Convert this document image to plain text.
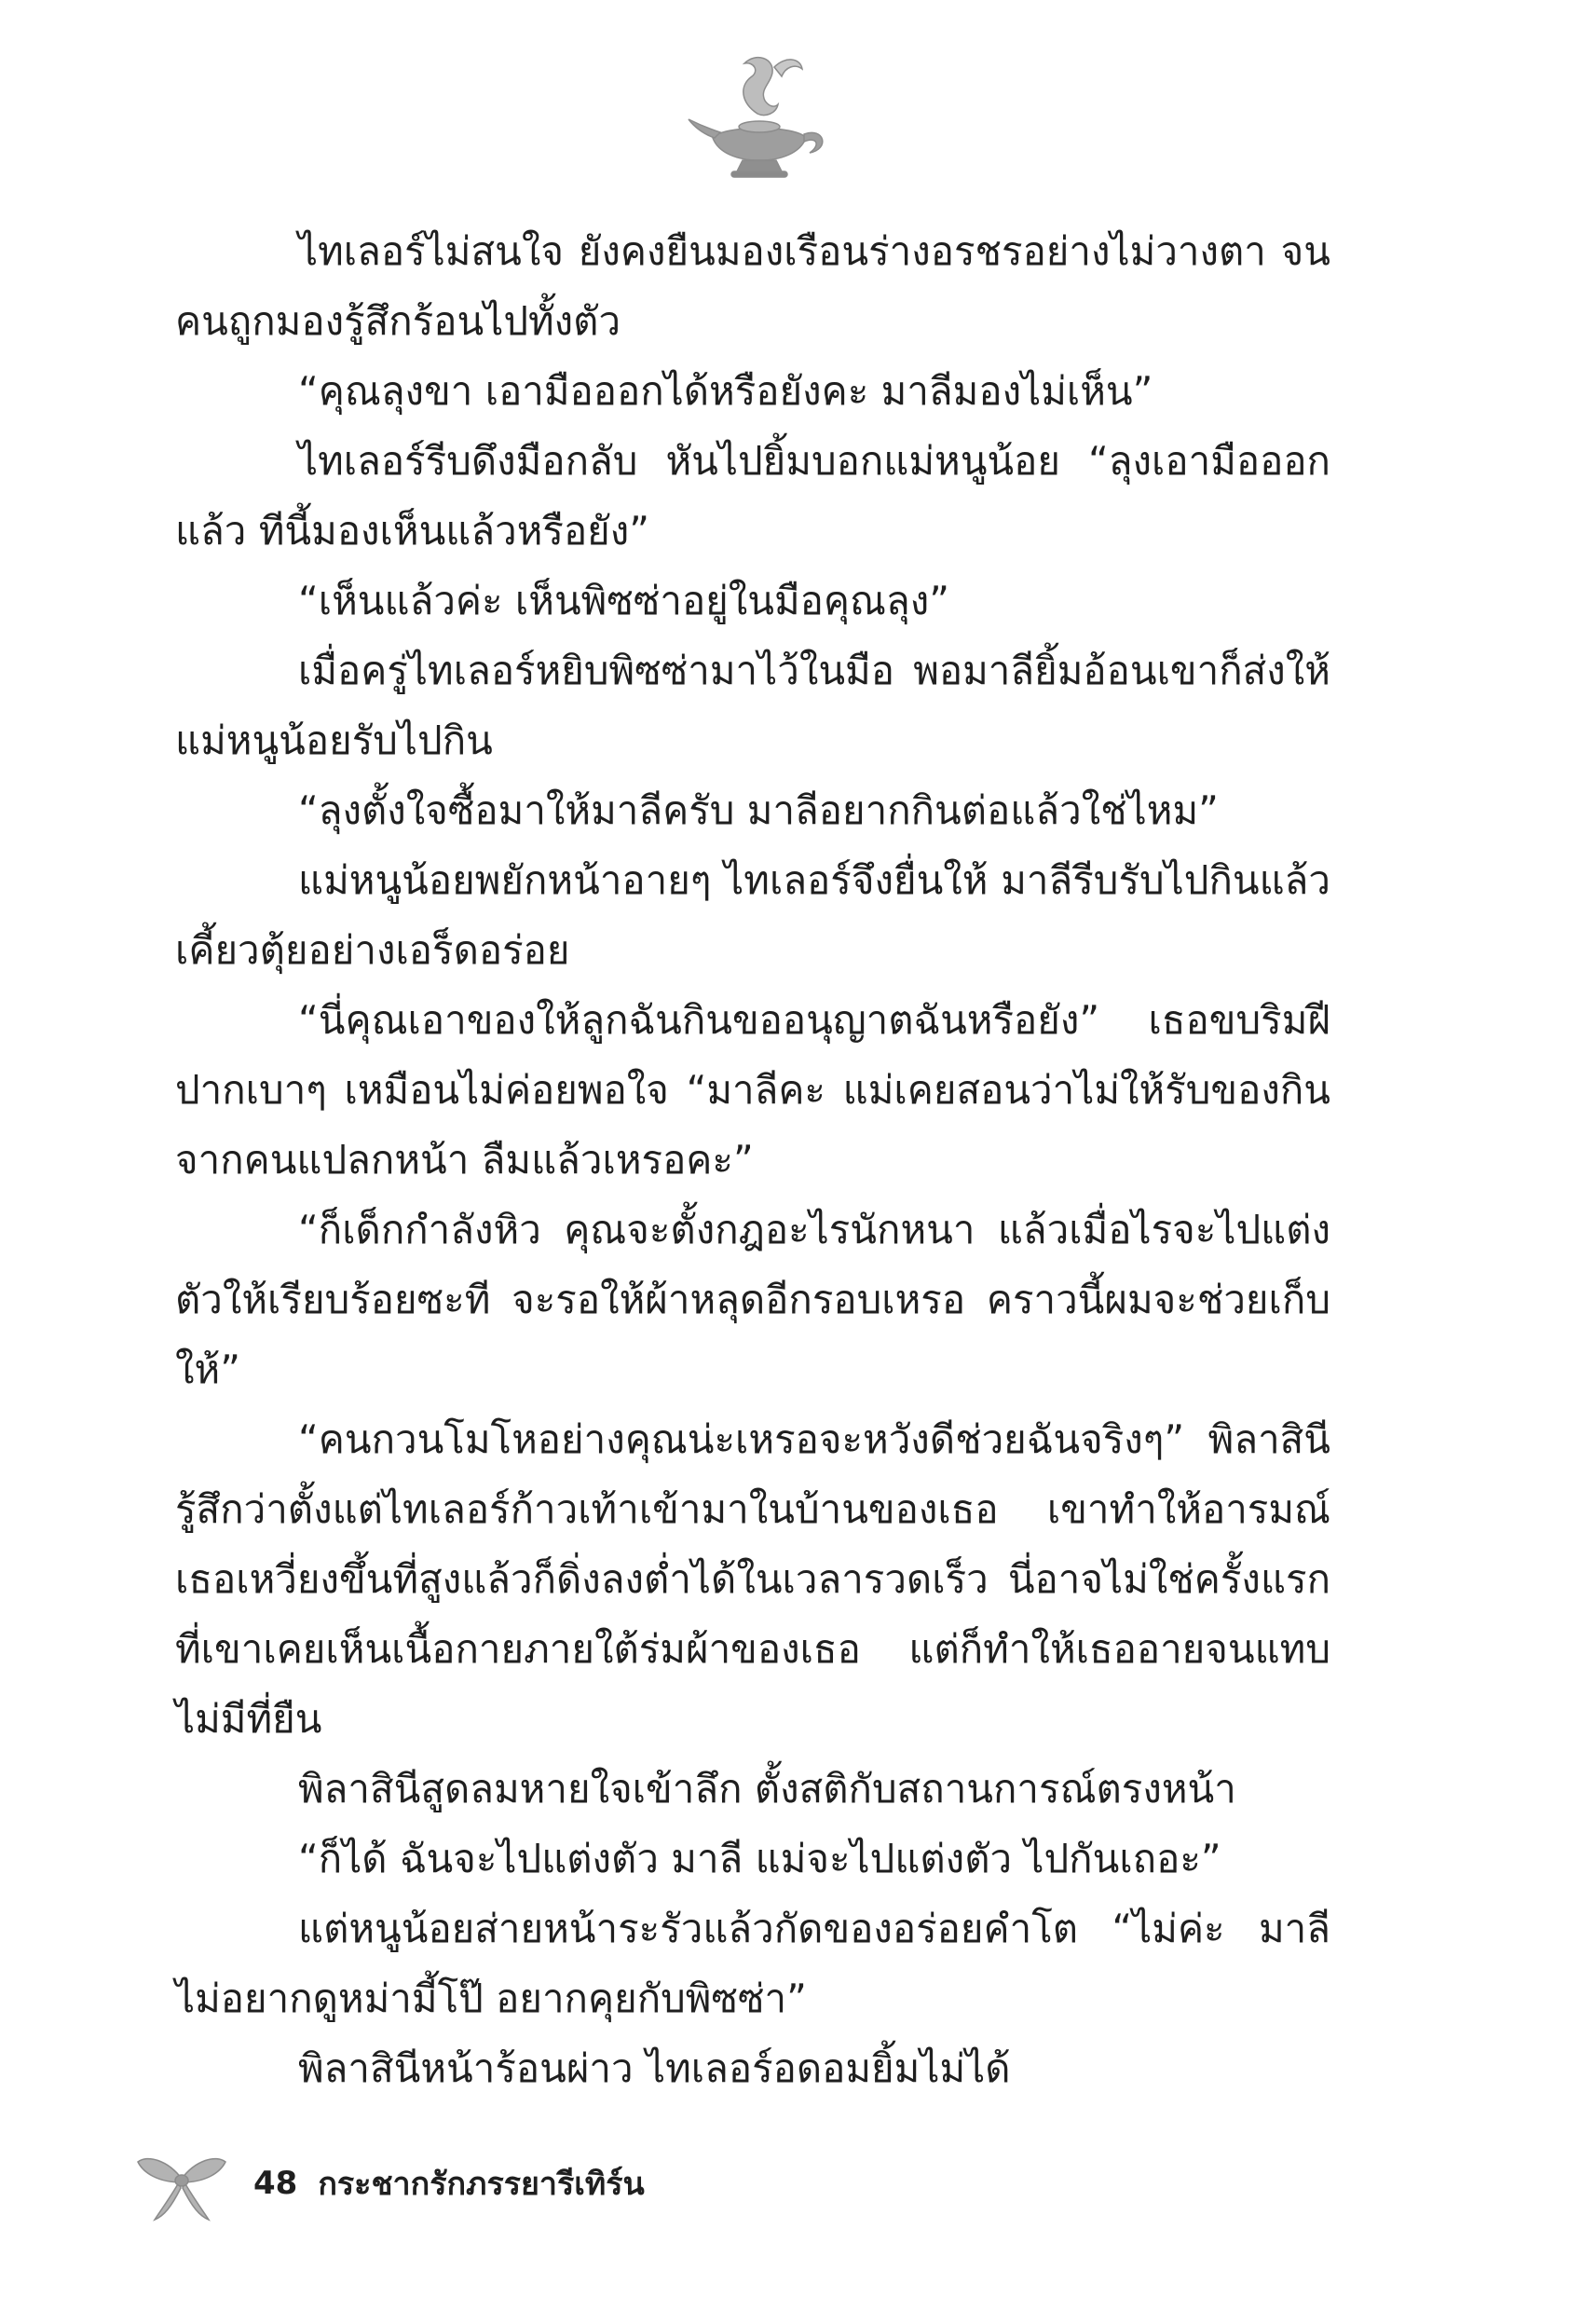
ไทเลอร์ไม่สนใจ ยังคงยืนมองเรือนร่างอรชรอย่างไม่วางตา จนคนถูกมองรู้สึกร้อนไปทั้งตัว

“คุณลุงขา เอามือออกได้หรือยังคะ มาลีมองไม่เห็น”

ไทเลอร์รีบดึงมือกลับ หันไปยิ้มบอกแม่หนูน้อย “ลุงเอามือออกแล้ว ทีนี้มองเห็นแล้วหรือยัง”

“เห็นแล้วค่ะ เห็นพิซซ่าอยู่ในมือคุณลุง”

เมื่อครู่ไทเลอร์หยิบพิซซ่ามาไว้ในมือ พอมาลียิ้มอ้อนเขาก็ส่งให้แม่หนูน้อยรับไปกิน

“ลุงตั้งใจซื้อมาให้มาลีครับ มาลีอยากกินต่อแล้วใช่ไหม”

แม่หนูน้อยพยักหน้าอายๆ ไทเลอร์จึงยื่นให้ มาลีรีบรับไปกินแล้วเคี้ยวตุ้ยอย่างเอร็ดอร่อย

“นี่คุณเอาของให้ลูกฉันกินขออนุญาตฉันหรือยัง” เธอขบริมฝีปากเบาๆ เหมือนไม่ค่อยพอใจ “มาลีคะ แม่เคยสอนว่าไม่ให้รับของกินจากคนแปลกหน้า ลืมแล้วเหรอคะ”

“ก็เด็กกำลังหิว คุณจะตั้งกฎอะไรนักหนา แล้วเมื่อไรจะไปแต่งตัวให้เรียบร้อยซะที จะรอให้ผ้าหลุดอีกรอบเหรอ คราวนี้ผมจะช่วยเก็บให้”

“คนกวนโมโหอย่างคุณน่ะเหรอจะหวังดีช่วยฉันจริงๆ” พิลาสินีรู้สึกว่าตั้งแต่ไทเลอร์ก้าวเท้าเข้ามาในบ้านของเธอ เขาทำให้อารมณ์เธอเหวี่ยงขึ้นที่สูงแล้วก็ดิ่งลงต่ำได้ในเวลารวดเร็ว นี่อาจไม่ใช่ครั้งแรกที่เขาเคยเห็นเนื้อกายภายใต้ร่มผ้าของเธอ แต่ก็ทำให้เธออายจนแทบไม่มีที่ยืน

พิลาสินีสูดลมหายใจเข้าลึก ตั้งสติกับสถานการณ์ตรงหน้า

“ก็ได้ ฉันจะไปแต่งตัว มาลี แม่จะไปแต่งตัว ไปกันเถอะ”

แต่หนูน้อยส่ายหน้าระรัวแล้วกัดของอร่อยคำโต “ไม่ค่ะ มาลีไม่อยากดูหม่ามี้โป๊ อยากคุยกับพิซซ่า”

พิลาสินีหน้าร้อนผ่าว ไทเลอร์อดอมยิ้มไม่ได้

48 กระชากรักภรรยารีเทิร์น
